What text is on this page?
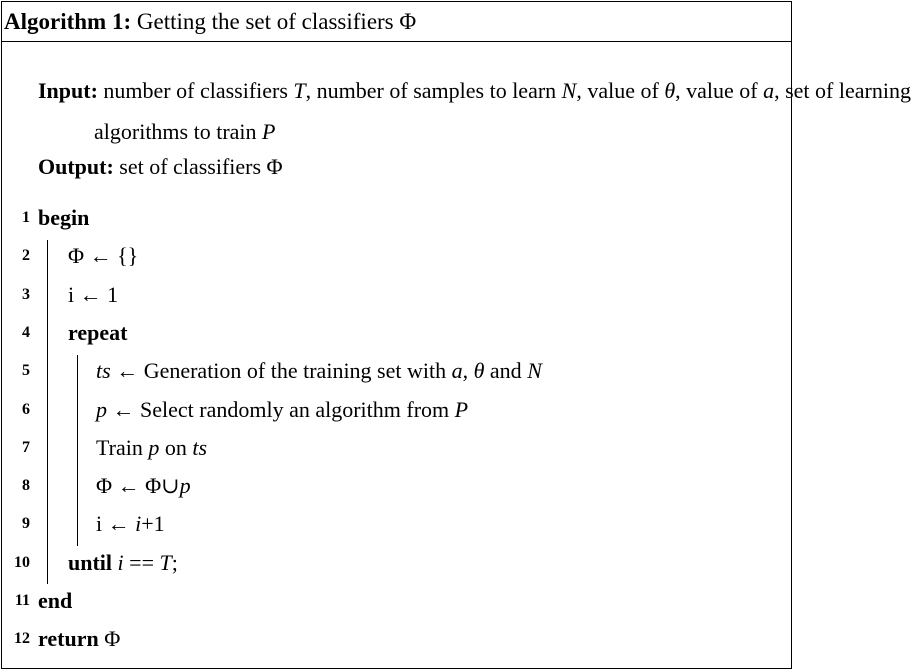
Algorithm 1: Getting the set of classifiers Φ
Input: number of classifiers T, number of samples to learn N, value of θ, value of a, set of learning
algorithms to train P
Output: set of classifiers Φ
1 begin
2 Φ ← {}
3 i ← 1
4 repeat
5	ts ← Generation of the training set with a, θ and N
6	p ← Select randomly an algorithm from P
7	Train p on ts
8	Φ ← Φ∪p
9	i ← i+1
10 until i == T;
11 end
12 return Φ
